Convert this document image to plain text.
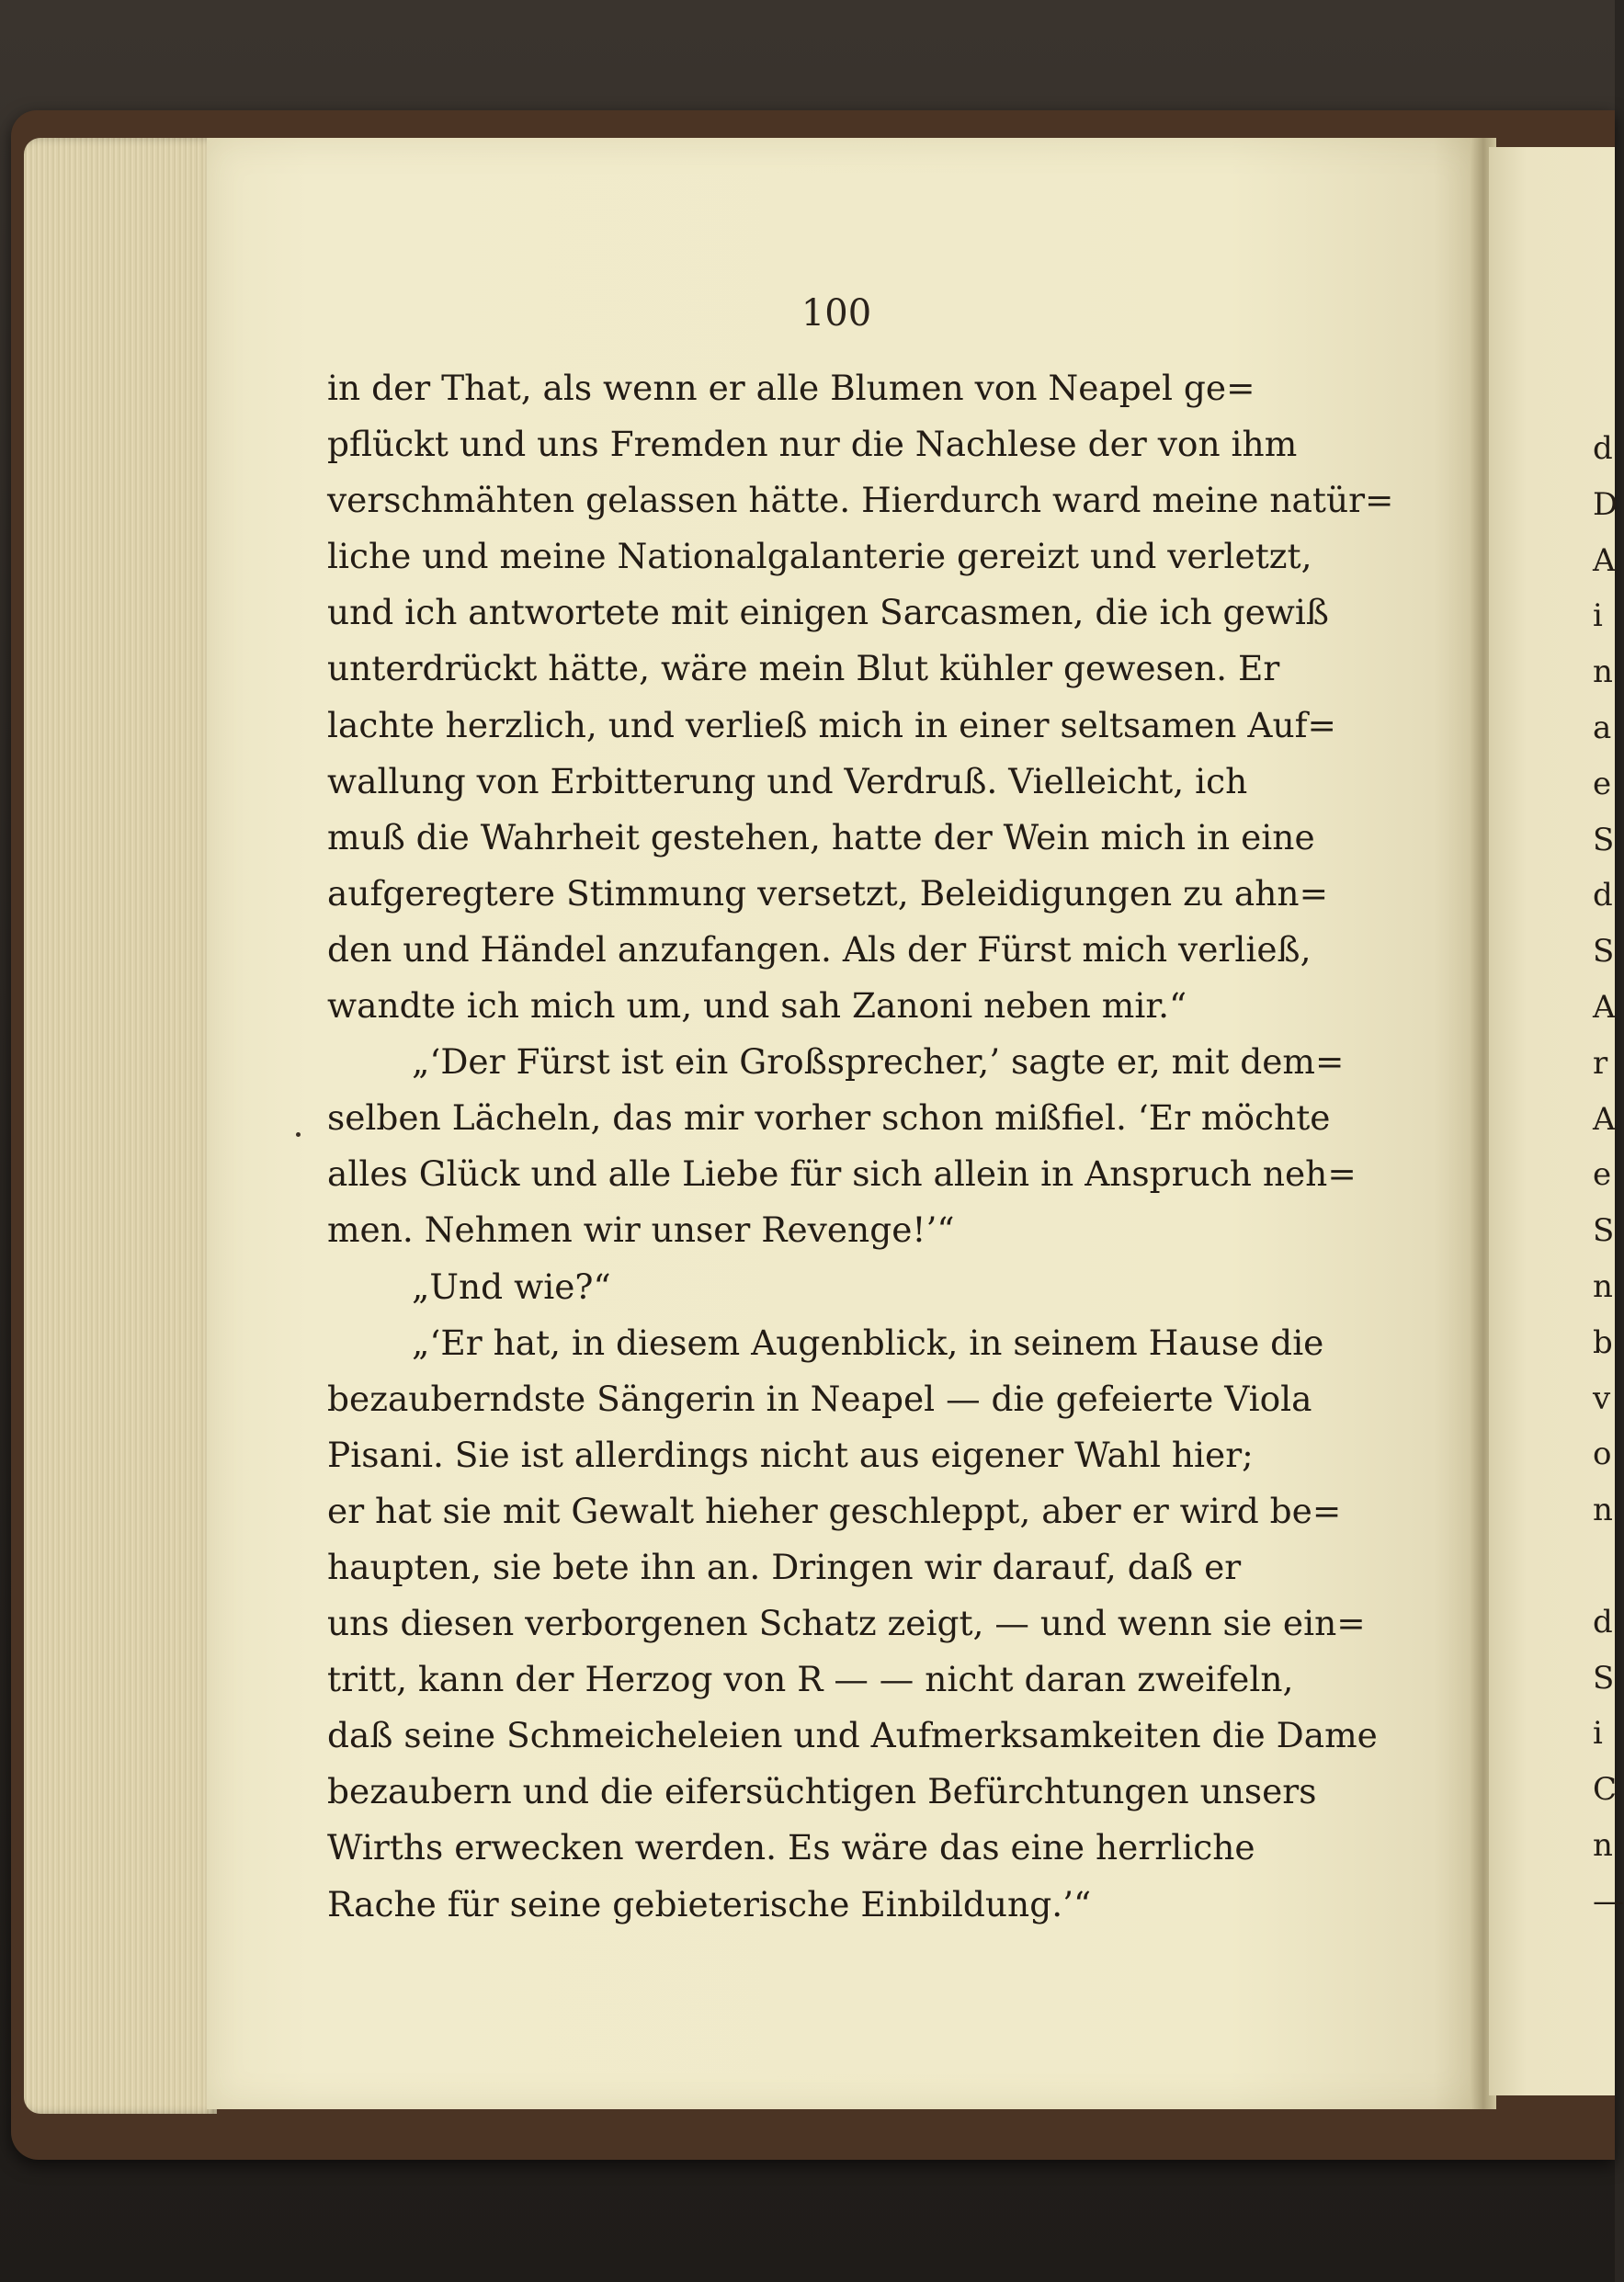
100
in der That, als wenn er alle Blumen von Neapel ge=
pflückt und uns Fremden nur die Nachlese der von ihm
verschmähten gelassen hätte. Hierdurch ward meine natür=
liche und meine Nationalgalanterie gereizt und verletzt,
und ich antwortete mit einigen Sarcasmen, die ich gewiß
unterdrückt hätte, wäre mein Blut kühler gewesen. Er
lachte herzlich, und verließ mich in einer seltsamen Auf=
wallung von Erbitterung und Verdruß. Vielleicht, ich
muß die Wahrheit gestehen, hatte der Wein mich in eine
aufgeregtere Stimmung versetzt, Beleidigungen zu ahn=
den und Händel anzufangen. Als der Fürst mich verließ,
wandte ich mich um, und sah Zanoni neben mir.“
„‘Der Fürst ist ein Großsprecher,’ sagte er, mit dem=
selben Lächeln, das mir vorher schon mißfiel. ‘Er möchte
alles Glück und alle Liebe für sich allein in Anspruch neh=
men. Nehmen wir unser Revenge!’“
„Und wie?“
„‘Er hat, in diesem Augenblick, in seinem Hause die
bezauberndste Sängerin in Neapel — die gefeierte Viola
Pisani. Sie ist allerdings nicht aus eigener Wahl hier;
er hat sie mit Gewalt hieher geschleppt, aber er wird be=
haupten, sie bete ihn an. Dringen wir darauf, daß er
uns diesen verborgenen Schatz zeigt, — und wenn sie ein=
tritt, kann der Herzog von R — — nicht daran zweifeln,
daß seine Schmeicheleien und Aufmerksamkeiten die Dame
bezaubern und die eifersüchtigen Befürchtungen unsers
Wirths erwecken werden. Es wäre das eine herrliche
Rache für seine gebieterische Einbildung.’“
d
D
A
i
n
a
e
S
d
S
A
r
A
e
S
n
b
v
o
n
d
S
i
C
n
—
